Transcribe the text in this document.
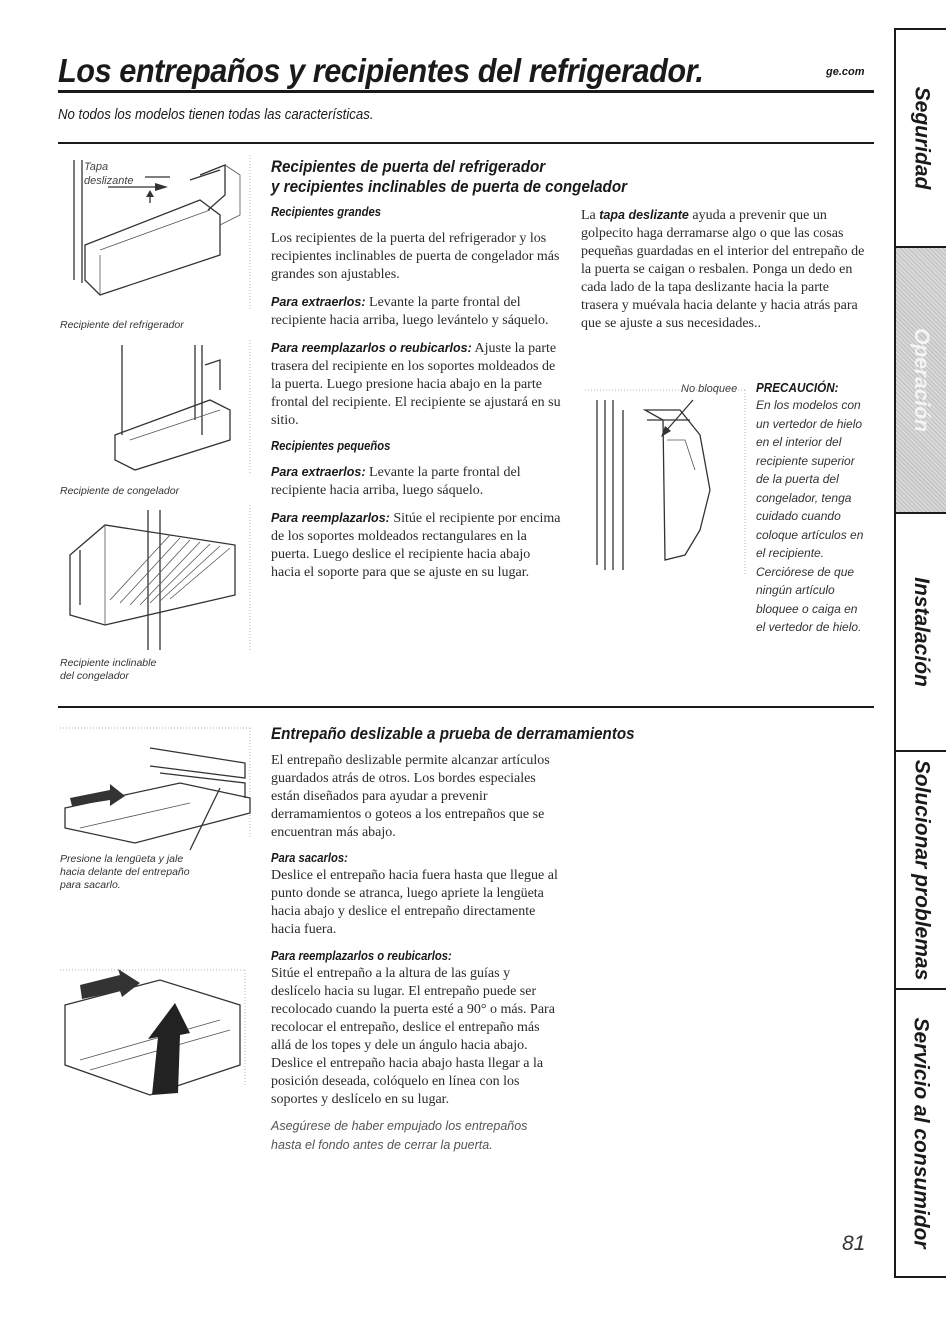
Los entrepaños y recipientes del refrigerador.	ge.com
No todos los modelos tienen todas las características.
Tapa
deslizante
Recipiente del refrigerador
Recipiente de congelador
Recipiente inclinable
del congelador
Recipientes de puerta del refrigerador
y recipientes inclinables de puerta de congelador
Recipientes grandes
Los recipientes de la puerta del refrigerador y los recipientes inclinables de puerta de congelador más grandes son ajustables.
Para extraerlos: Levante la parte frontal del recipiente hacia arriba, luego levántelo y sáquelo.
Para reemplazarlos o reubicarlos: Ajuste la parte trasera del recipiente en los soportes moldeados de la puerta. Luego presione hacia abajo en la parte frontal del recipiente. El recipiente se ajustará en su sitio.
Recipientes pequeños
Para extraerlos: Levante la parte frontal del recipiente hacia arriba, luego sáquelo.
Para reemplazarlos: Sitúe el recipiente por encima de los soportes moldeados rectangulares en la puerta. Luego deslice el recipiente hacia abajo hacia el soporte para que se ajuste en su lugar.
La tapa deslizante ayuda a prevenir que un golpecito haga derramarse algo o que las cosas pequeñas guardadas en el interior del entrepaño de la puerta se caigan o resbalen. Ponga un dedo en cada lado de la tapa deslizante hacia la parte trasera y muévala hacia delante y hacia atrás para que se ajuste a sus necesidades..
No bloquee PRECAUCIÓN:
En los modelos con un vertedor de hielo en el interior del recipiente superior de la puerta del congelador, tenga cuidado cuando coloque artículos en el recipiente. Cerciórese de que ningún artículo bloquee o caiga en el vertedor de hielo.
Presione la lengüeta y jale
hacia delante del entrepaño
para sacarlo.
Entrepaño deslizable a prueba de derramamientos
El entrepaño deslizable permite alcanzar artículos guardados atrás de otros. Los bordes especiales están diseñados para ayudar a prevenir derramamientos o goteos a los entrepaños que se encuentran más abajo.
Para sacarlos:
Deslice el entrepaño hacia fuera hasta que llegue al punto donde se atranca, luego apriete la lengüeta hacia abajo y deslice el entrepaño directamente hacia fuera.
Para reemplazarlos o reubicarlos:
Sitúe el entrepaño a la altura de las guías y deslícelo hacia su lugar. El entrepaño puede ser recolocado cuando la puerta esté a 90° o más. Para recolocar el entrepaño, deslice el entrepaño más allá de los topes y dele un ángulo hacia abajo. Deslice el entrepaño hacia abajo hasta llegar a la posición deseada, colóquelo en línea con los soportes y deslícelo en su lugar.
Asegúrese de haber empujado los entrepaños hasta el fondo antes de cerrar la puerta.
81
Seguridad
Operación
Instalación
Solucionar problemas
Servicio al consumidor
